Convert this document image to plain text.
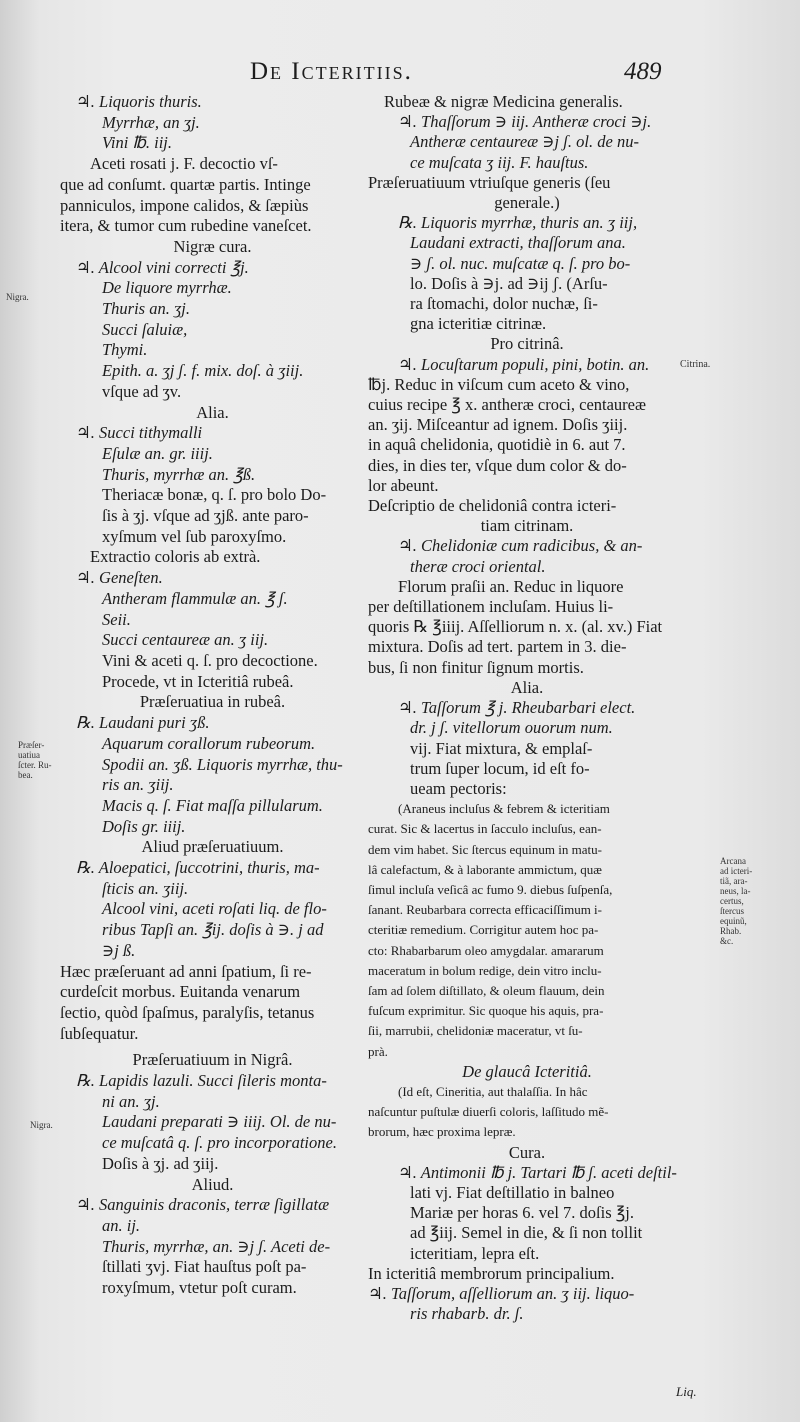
De Icteritiis.	489
♃. Liquoris thuris.
Myrrhæ, an ʒj.
Vini ℔. iij.
Aceti rosati j. F. decoctio vſ-
que ad conſumt. quartæ partis. Intinge
panniculos, impone calidos, & ſæpiùs
itera, & tumor cum rubedine vaneſcet.
Nigræ cura.
♃. Alcool vini correcti ℥j.
De liquore myrrhæ.
Thuris an. ʒj.
Succi ſaluiæ,
Thymi.
Epith. a. ʒj ʃ. f. mix. doſ. à ʒiij.
vſque ad ʒv.
Alia.
♃. Succi tithymalli
Eſulæ an. gr. iiij.
Thuris, myrrhæ an. ℥ß.
Theriacæ bonæ, q. ſ. pro bolo Do-
ſis à ʒj. vſque ad ʒjß. ante paro-
xyſmum vel ſub paroxyſmo.
Extractio coloris ab extrà.
♃. Geneſten.
Antheram flammulæ an. ℥ ʃ.
Seii.
Succi centaureæ an. ʒ iij.
Vini & aceti q. ſ. pro decoctione.
Procede, vt in Icteritiâ rubeâ.
Præſeruatiua in rubeâ.
℞. Laudani puri ʒß.
Aquarum corallorum rubeorum.
Spodii an. ʒß. Liquoris myrrhæ, thu-
ris an. ʒiij.
Macis q. ſ. Fiat maſſa pillularum.
Doſis gr. iiij.
Aliud præſeruatiuum.
℞. Aloepatici, ſuccotrini, thuris, ma-
ſticis an. ʒiij.
Alcool vini, aceti roſati liq. de flo-
ribus Tapſi an. ℥ij. doſis à ∋. j ad
∋j ß.
Hæc præſeruant ad anni ſpatium, ſi re-
curdeſcit morbus. Euitanda venarum
ſectio, quòd ſpaſmus, paralyſis, tetanus
ſubſequatur.
Præſeruatiuum in Nigrâ.
℞. Lapidis lazuli. Succi ſileris monta-
ni an. ʒj.
Laudani preparati ∋ iiij. Ol. de nu-
ce muſcatâ q. ſ. pro incorporatione.
Doſis à ʒj. ad ʒiij.
Aliud.
♃. Sanguinis draconis, terræ ſigillatæ
an. ij.
Thuris, myrrhæ, an. ∋j ʃ. Aceti de-
ſtillati ʒvj. Fiat hauſtus poſt pa-
roxyſmum, vtetur poſt curam.
Rubeæ & nigræ Medicina generalis.
♃. Thaſſorum ∋ iij. Antheræ croci ∋j.
Antheræ centaureæ ∋j ʃ. ol. de nu-
ce muſcata ʒ iij. F. hauſtus.
Præſeruatiuum vtriuſque generis (ſeu
generale.)
℞. Liquoris myrrhæ, thuris an. ʒ iij,
Laudani extracti, thaſſorum ana.
∋ ʃ. ol. nuc. muſcatæ q. ſ. pro bo-
lo. Doſis à ∋j. ad ∋ij ʃ. (Arſu-
ra ſtomachi, dolor nuchæ, ſi-
gna icteritiæ citrinæ.
Pro citrinâ.
♃. Locuſtarum populi, pini, botin. an.
℔j. Reduc in viſcum cum aceto & vino,
cuius recipe ℥ x. antheræ croci, centaureæ
an. ʒij. Miſceantur ad ignem. Doſis ʒiij.
in aquâ chelidonia, quotidiè in 6. aut 7.
dies, in dies ter, vſque dum color & do-
lor abeunt.
Deſcriptio de chelidoniâ contra icteri-
tiam citrinam.
♃. Chelidoniæ cum radicibus, & an-
theræ croci oriental.
Florum praſii an. Reduc in liquore
per deſtillationem incluſam. Huius li-
quoris ℞ ℥iiij. Aſſelliorum n. x. (al. xv.) Fiat
mixtura. Doſis ad tert. partem in 3. die-
bus, ſi non finitur ſignum mortis.
Alia.
♃. Taſſorum ℥ j. Rheubarbari elect.
dr. j ʃ. vitellorum ouorum num.
vij. Fiat mixtura, & emplaſ-
trum ſuper locum, id eſt fo-
ueam pectoris:
(Araneus incluſus & febrem & icteritiam
curat. Sic & lacertus in ſacculo incluſus, ean-
dem vim habet. Sic ſtercus equinum in matu-
lâ calefactum, & à laborante ammictum, quæ
ſimul incluſa veſicâ ac fumo 9. diebus ſuſpenſa,
ſanant. Reubarbara correcta efficaciſſimum i-
cteritiæ remedium. Corrigitur autem hoc pa-
cto: Rhabarbarum oleo amygdalar. amararum
maceratum in bolum redige, dein vitro inclu-
ſam ad ſolem diſtillato, & oleum flauum, dein
fuſcum exprimitur. Sic quoque his aquis, pra-
ſii, marrubii, chelidoniæ maceratur, vt ſu-
prà.
De glaucâ Icteritiâ.
(Id eſt, Cineritia, aut thalaſſia. In hâc
naſcuntur puſtulæ diuerſi coloris, laſſitudo mẽ-
brorum, hæc proxima lepræ.
Cura.
♃. Antimonii ℔ j. Tartari ℔ ʃ. aceti deſtil-
lati vj. Fiat deſtillatio in balneo
Mariæ per horas 6. vel 7. doſis ℥j.
ad ℥iij. Semel in die, & ſi non tollit
icteritiam, lepra eſt.
In icteritiâ membrorum principalium.
♃. Taſſorum, aſſelliorum an. ʒ iij. liquo-
ris rhabarb. dr. ʃ.
Nigra.
Citrina.
Præſer-
uatiua
ſcter. Ru-
bea.
Arcana
ad icteri-
tiã, ara-
neus, la-
certus,
ſtercus
equinũ,
Rhab.
&c.
Nigra.
Liq.
